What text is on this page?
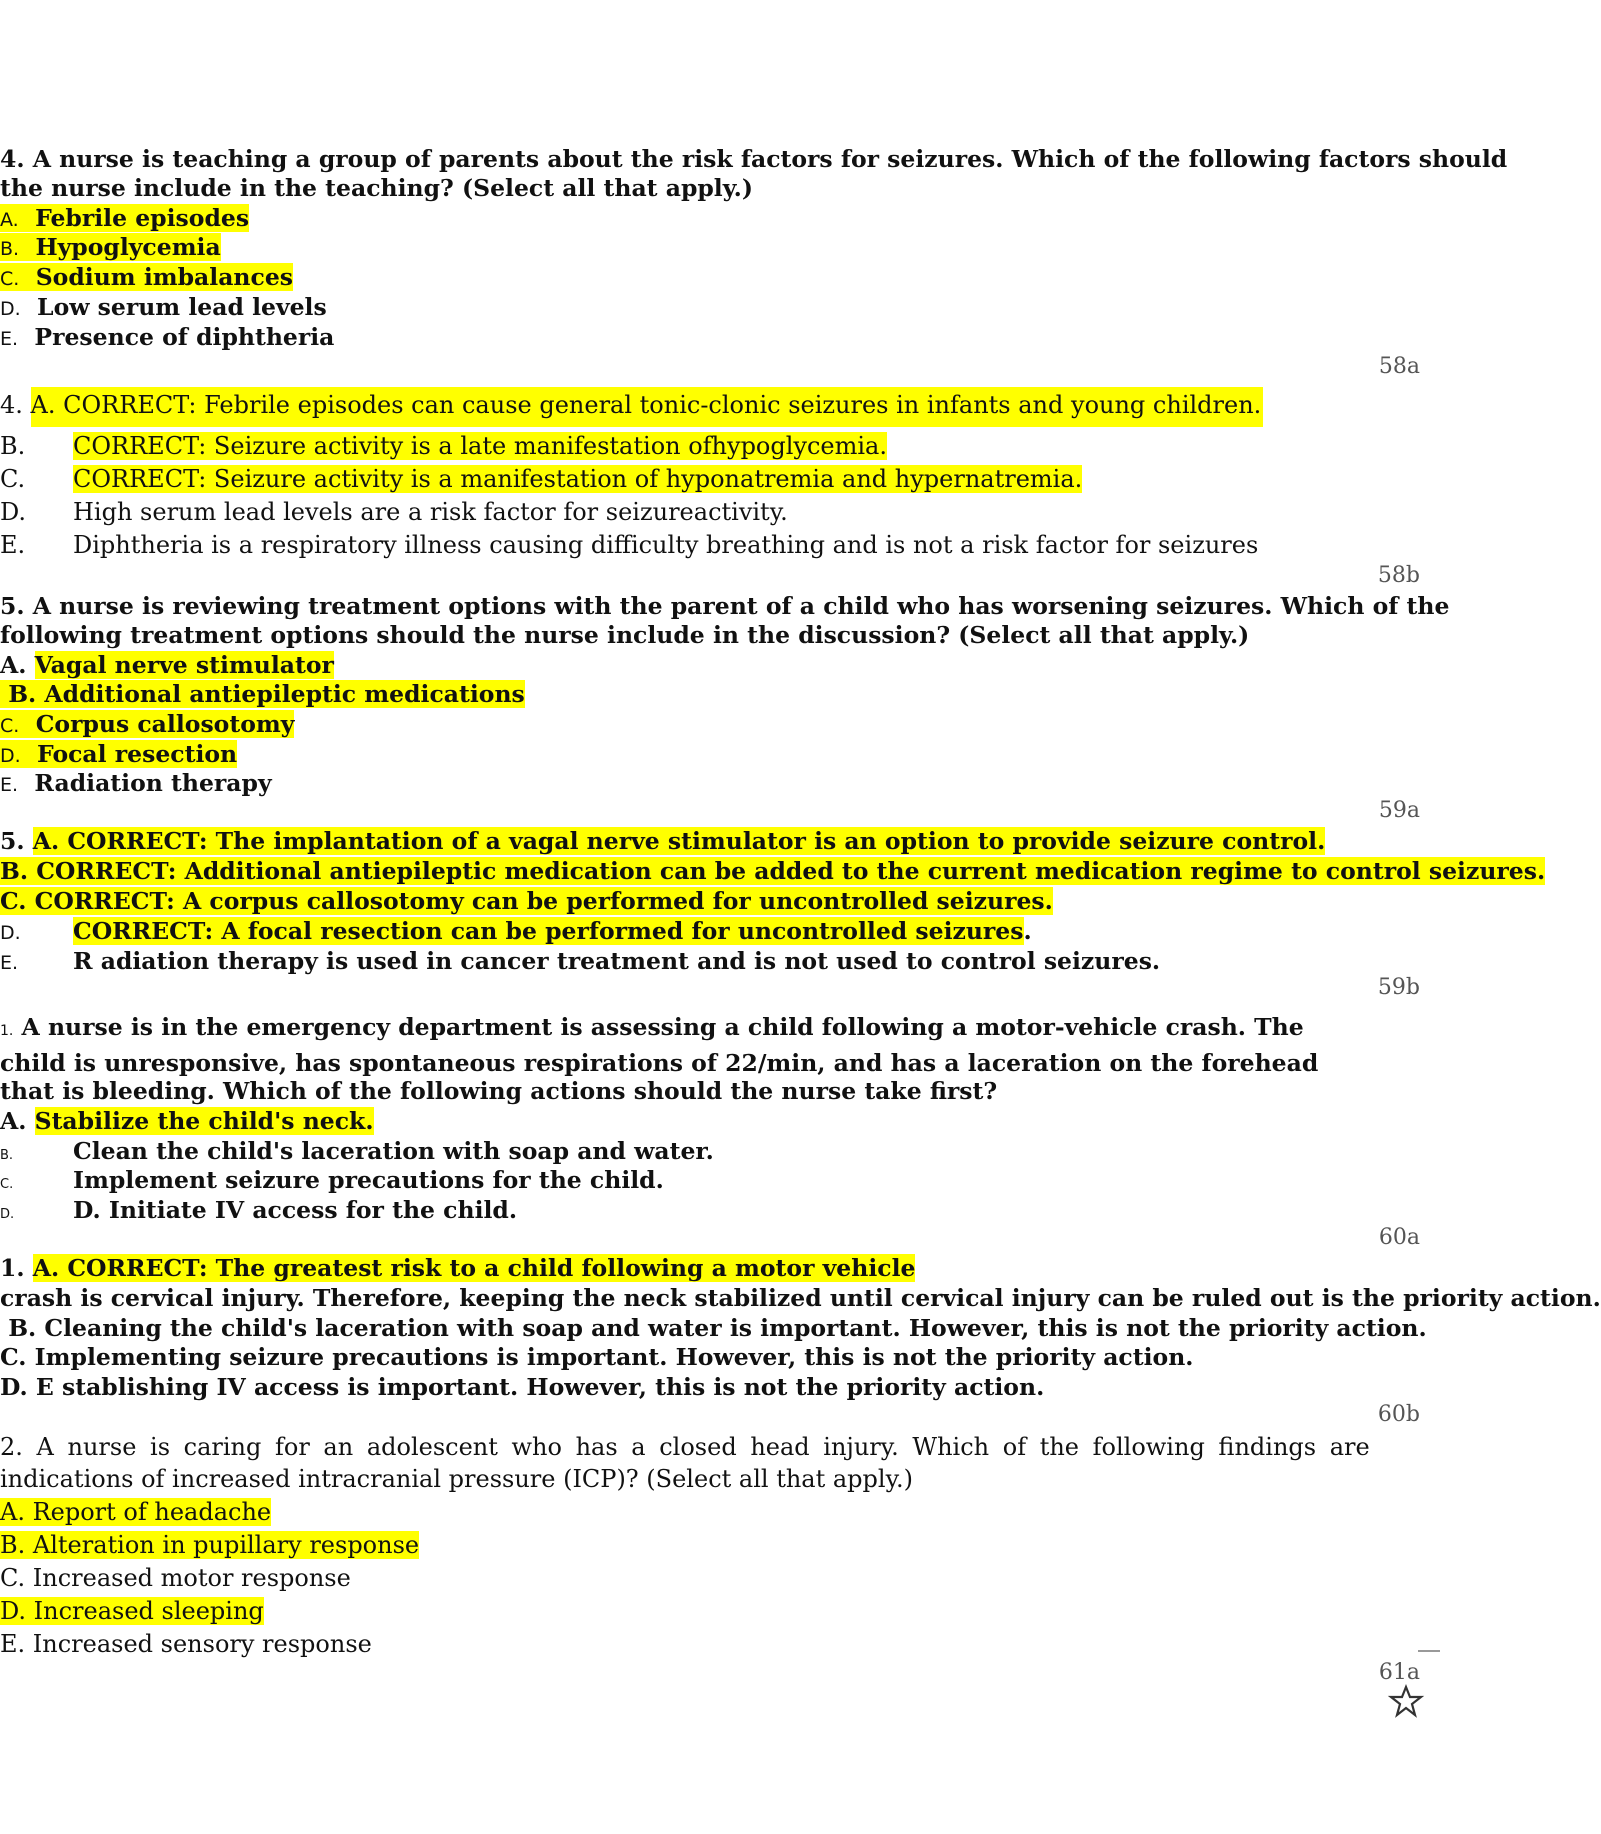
4. A nurse is teaching a group of parents about the risk factors for seizures. Which of the following factors should
the nurse include in the teaching? (Select all that apply.)
A. Febrile episodes
B. Hypoglycemia
C. Sodium imbalances
D. Low serum lead levels
E. Presence of diphtheria
58a
4. A. CORRECT: Febrile episodes can cause general tonic-clonic seizures in infants and young children.
B. CORRECT: Seizure activity is a late manifestation ofhypoglycemia.
C. CORRECT: Seizure activity is a manifestation of hyponatremia and hypernatremia.
D. High serum lead levels are a risk factor for seizureactivity.
E. Diphtheria is a respiratory illness causing difficulty breathing and is not a risk factor for seizures
58b
5. A nurse is reviewing treatment options with the parent of a child who has worsening seizures. Which of the
following treatment options should the nurse include in the discussion? (Select all that apply.)
A. Vagal nerve stimulator
B. Additional antiepileptic medications
C. Corpus callosotomy
D. Focal resection
E. Radiation therapy
59a
5. A. CORRECT: The implantation of a vagal nerve stimulator is an option to provide seizure control.
B. CORRECT: Additional antiepileptic medication can be added to the current medication regime to control seizures.
C. CORRECT: A corpus callosotomy can be performed for uncontrolled seizures.
D. CORRECT: A focal resection can be performed for uncontrolled seizures.
E. R adiation therapy is used in cancer treatment and is not used to control seizures.
59b
1. A nurse is in the emergency department is assessing a child following a motor-vehicle crash. The
child is unresponsive, has spontaneous respirations of 22/min, and has a laceration on the forehead
that is bleeding. Which of the following actions should the nurse take first?
A. Stabilize the child's neck.
B.	Clean the child's laceration with soap and water.
C.	Implement seizure precautions for the child.
D.	D. Initiate IV access for the child.
60a
1. A. CORRECT: The greatest risk to a child following a motor vehicle
crash is cervical injury. Therefore, keeping the neck stabilized until cervical injury can be ruled out is the priority action.
B. Cleaning the child's laceration with soap and water is important. However, this is not the priority action.
C. Implementing seizure precautions is important. However, this is not the priority action.
D. E stablishing IV access is important. However, this is not the priority action.
60b
2. A nurse is caring for an adolescent who has a closed head injury. Which of the following findings are
indications of increased intracranial pressure (ICP)? (Select all that apply.)
A. Report of headache
B. Alteration in pupillary response
C. Increased motor response
D. Increased sleeping
E. Increased sensory response
61a
